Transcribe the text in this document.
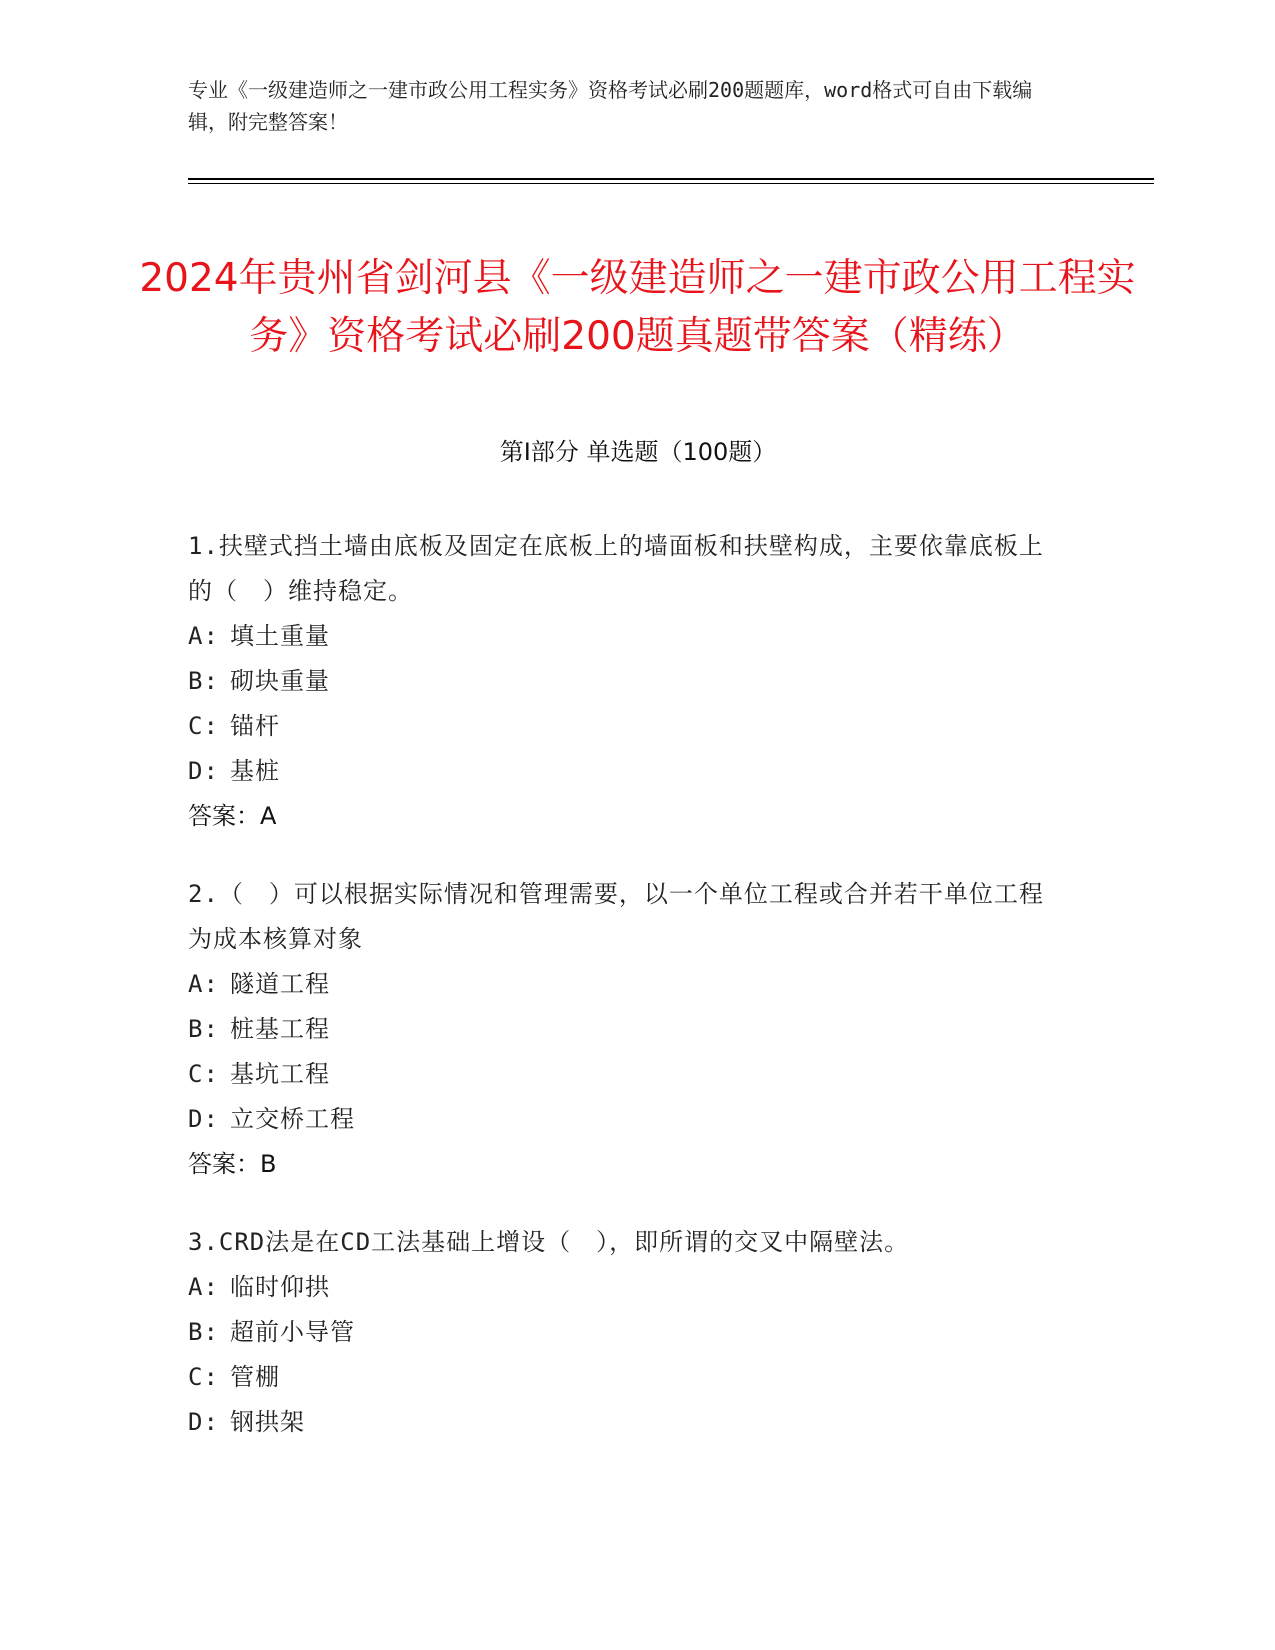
专业《一级建造师之一建市政公用工程实务》资格考试必刷200题题库，word格式可自由下载编辑，附完整答案！
2024年贵州省剑河县《一级建造师之一建市政公用工程实务》资格考试必刷200题真题带答案（精练）
第I部分 单选题（100题）
1.扶壁式挡土墙由底板及固定在底板上的墙面板和扶壁构成，主要依靠底板上的（　）维持稳定。
A: 填土重量
B: 砌块重量
C: 锚杆
D: 基桩
答案：A
2.（　）可以根据实际情况和管理需要，以一个单位工程或合并若干单位工程为成本核算对象
A: 隧道工程
B: 桩基工程
C: 基坑工程
D: 立交桥工程
答案：B
3.CRD法是在CD工法基础上增设（　），即所谓的交叉中隔壁法。
A: 临时仰拱
B: 超前小导管
C: 管棚
D: 钢拱架
